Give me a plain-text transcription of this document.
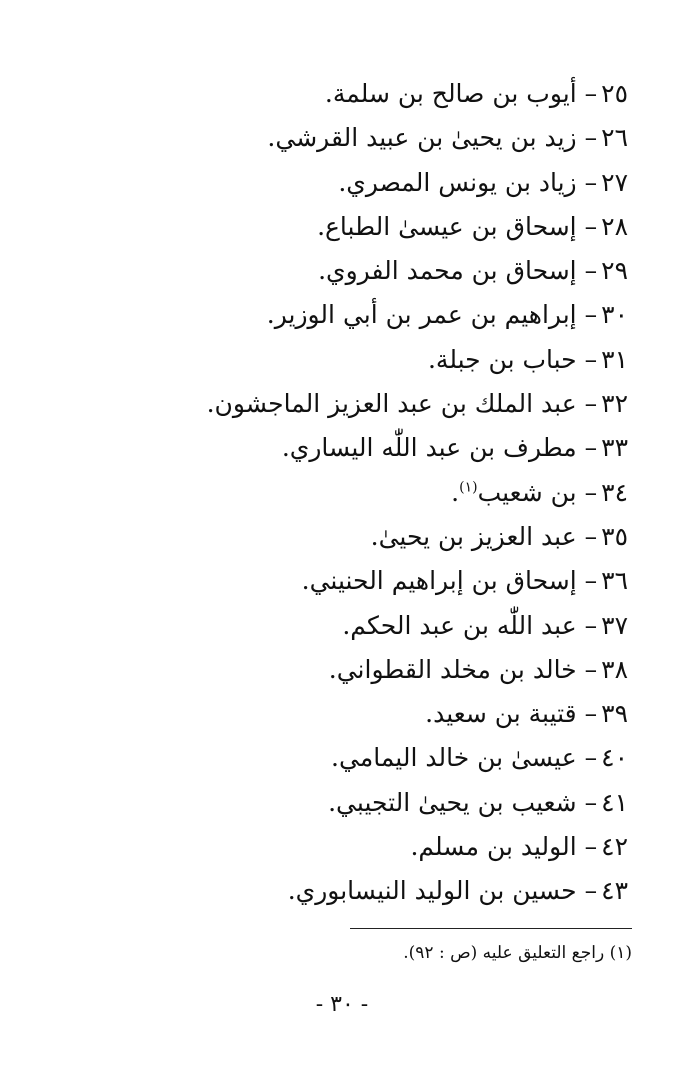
٢٥–أيوب بن صالح بن سلمة.
٢٦–زيد بن يحيىٰ بن عبيد القرشي.
٢٧–زياد بن يونس المصري.
٢٨–إسحاق بن عيسىٰ الطباع.
٢٩–إسحاق بن محمد الفروي.
٣٠–إبراهيم بن عمر بن أبي الوزير.
٣١–حباب بن جبلة.
٣٢–عبد الملك بن عبد العزيز الماجشون.
٣٣–مطرف بن عبد اللّٰه اليساري.
٣٤–بن شعيب$^{(١)}$.
٣٥–عبد العزيز بن يحيىٰ.
٣٦–إسحاق بن إبراهيم الحنيني.
٣٧–عبد اللّٰه بن عبد الحكم.
٣٨–خالد بن مخلد القطواني.
٣٩–قتيبة بن سعيد.
٤٠–عيسىٰ بن خالد اليمامي.
٤١–شعيب بن يحيىٰ التجيبي.
٤٢–الوليد بن مسلم.
٤٣–حسين بن الوليد النيسابوري.
(١) راجع التعليق عليه (ص : ٩٢).
- ٣٠ -
